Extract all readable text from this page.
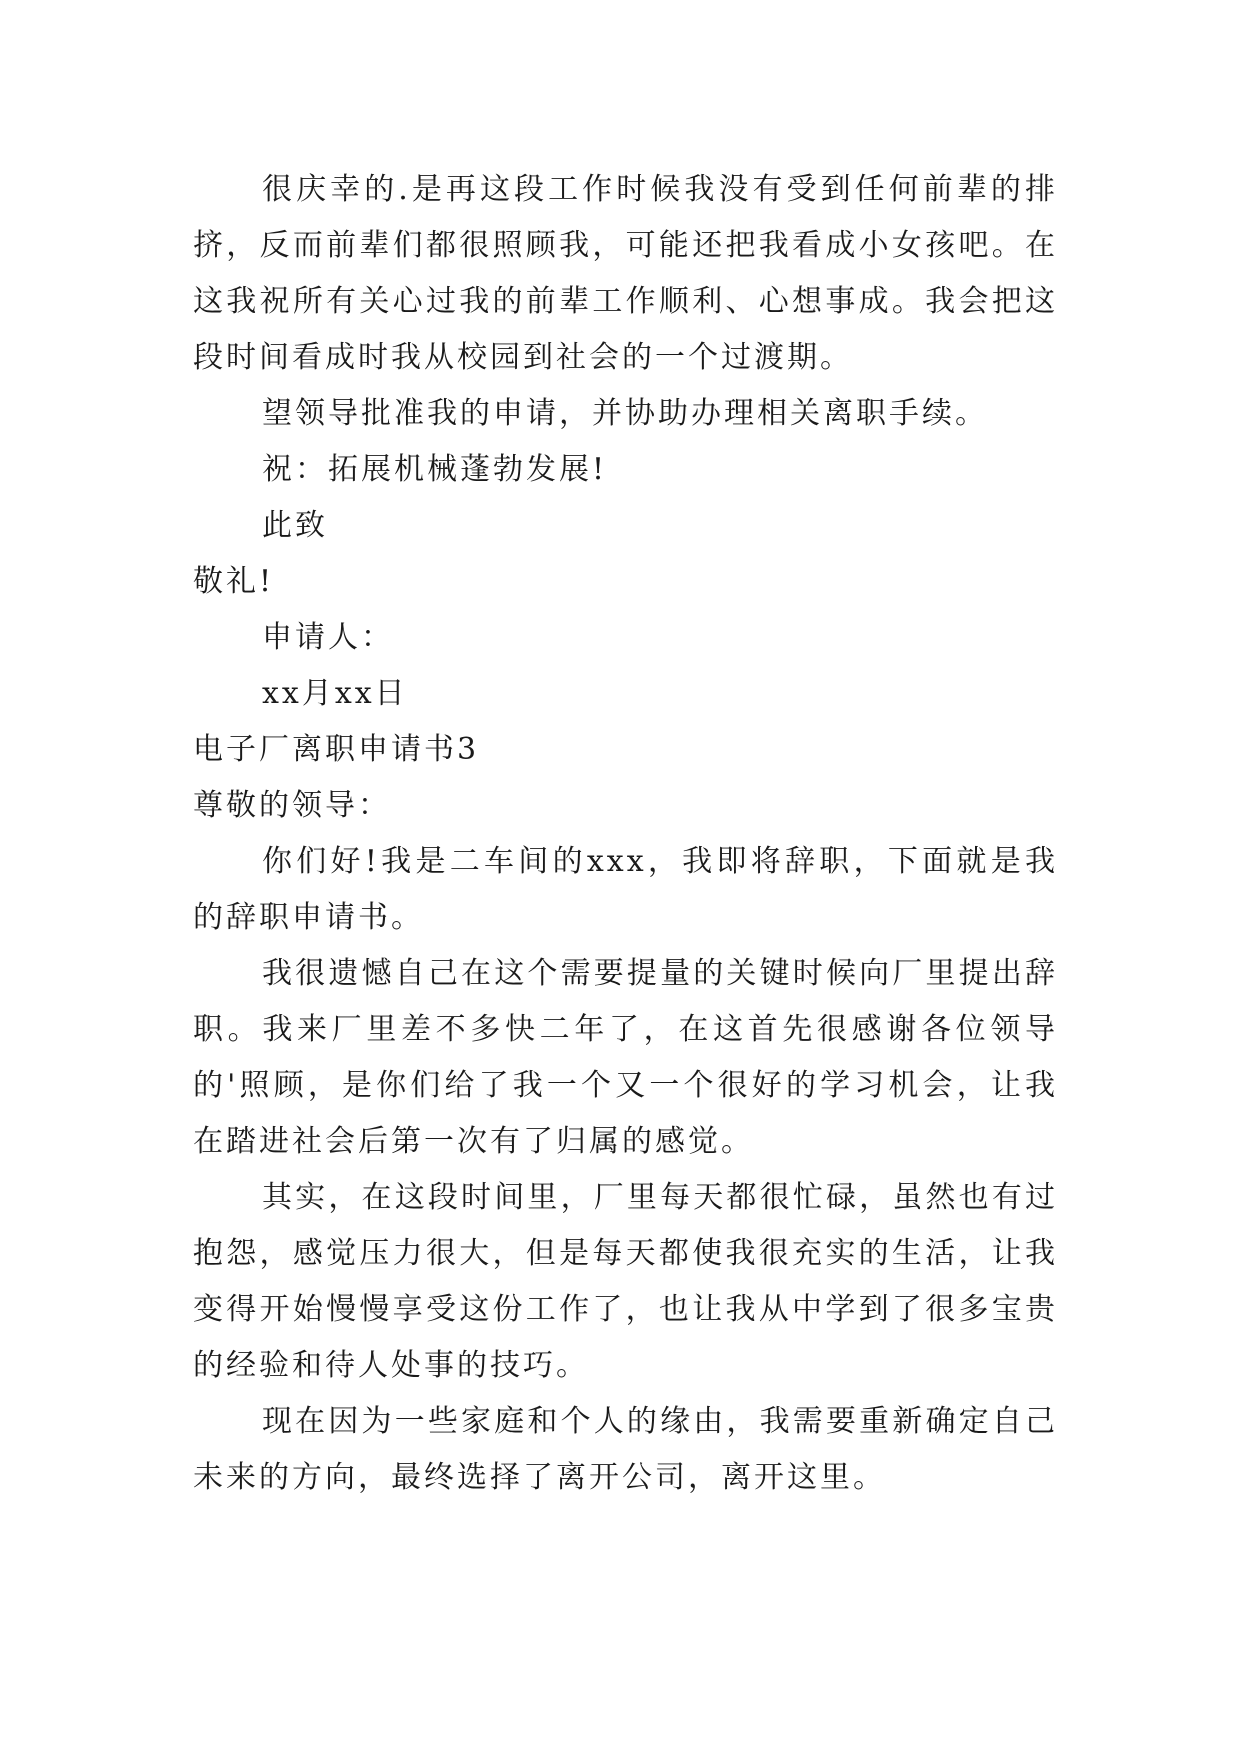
很庆幸的.是再这段工作时候我没有受到任何前辈的排挤，反而前辈们都很照顾我，可能还把我看成小女孩吧。在这我祝所有关心过我的前辈工作顺利、心想事成。我会把这段时间看成时我从校园到社会的一个过渡期。

望领导批准我的申请，并协助办理相关离职手续。

祝：拓展机械蓬勃发展!

此致

敬礼!

申请人：

xx月xx日

电子厂离职申请书3

尊敬的领导：

你们好!我是二车间的xxx，我即将辞职，下面就是我的辞职申请书。

我很遗憾自己在这个需要提量的关键时候向厂里提出辞职。我来厂里差不多快二年了，在这首先很感谢各位领导的'照顾，是你们给了我一个又一个很好的学习机会，让我在踏进社会后第一次有了归属的感觉。

其实，在这段时间里，厂里每天都很忙碌，虽然也有过抱怨，感觉压力很大，但是每天都使我很充实的生活，让我变得开始慢慢享受这份工作了，也让我从中学到了很多宝贵的经验和待人处事的技巧。

现在因为一些家庭和个人的缘由，我需要重新确定自己未来的方向，最终选择了离开公司，离开这里。
